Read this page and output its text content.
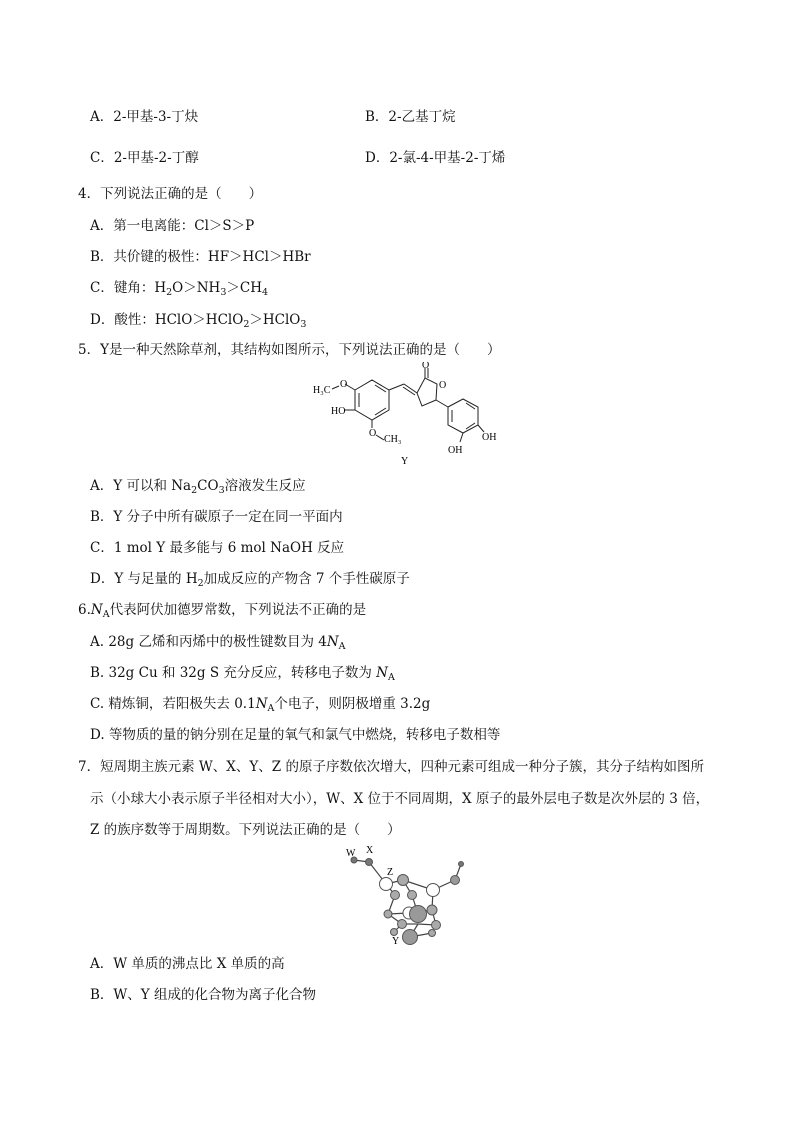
A．2-甲基-3-丁炔	B．2-乙基丁烷
C．2-甲基-2-丁醇	D．2-氯-4-甲基-2-丁烯
4．下列说法正确的是（　　）
A．第一电离能：Cl＞S＞P
B．共价键的极性：HF＞HCl＞HBr
C．键角：$H_2O>NH_3>CH_4$
D．酸性：HClO＞HClO$_2$＞HClO$_3$
5．Y是一种天然除草剂，其结构如图所示，下列说法正确的是（　　）
H₃C
O
HO
O
CH₃
O
O
OH
OH
Y
A．Y 可以和 $Na_2CO_3$溶液发生反应
B．Y 分子中所有碳原子一定在同一平面内
C．1 mol Y 最多能与 6 mol NaOH 反应
D．Y 与足量的 $H_2$加成反应的产物含 7 个手性碳原子
$6.N_A$代表阿伏加德罗常数，下列说法不正确的是
A. 28g 乙烯和丙烯中的极性键数目为 $4N_A$
B. 32g Cu 和 32g S 充分反应，转移电子数为 $N_A$
C. 精炼铜，若阳极失去 $0.1N_A$个电子，则阴极增重 3.2g
D. 等物质的量的钠分别在足量的氧气和氯气中燃烧，转移电子数相等
7．短周期主族元素 W、X、Y、Z 的原子序数依次增大，四种元素可组成一种分子簇，其分子结构如图所
示（小球大小表示原子半径相对大小），W、X 位于不同周期，X 原子的最外层电子数是次外层的 3 倍，
Z 的族序数等于周期数。下列说法正确的是（　　）
W X
Z
Y
A．W 单质的沸点比 X 单质的高
B．W、Y 组成的化合物为离子化合物
